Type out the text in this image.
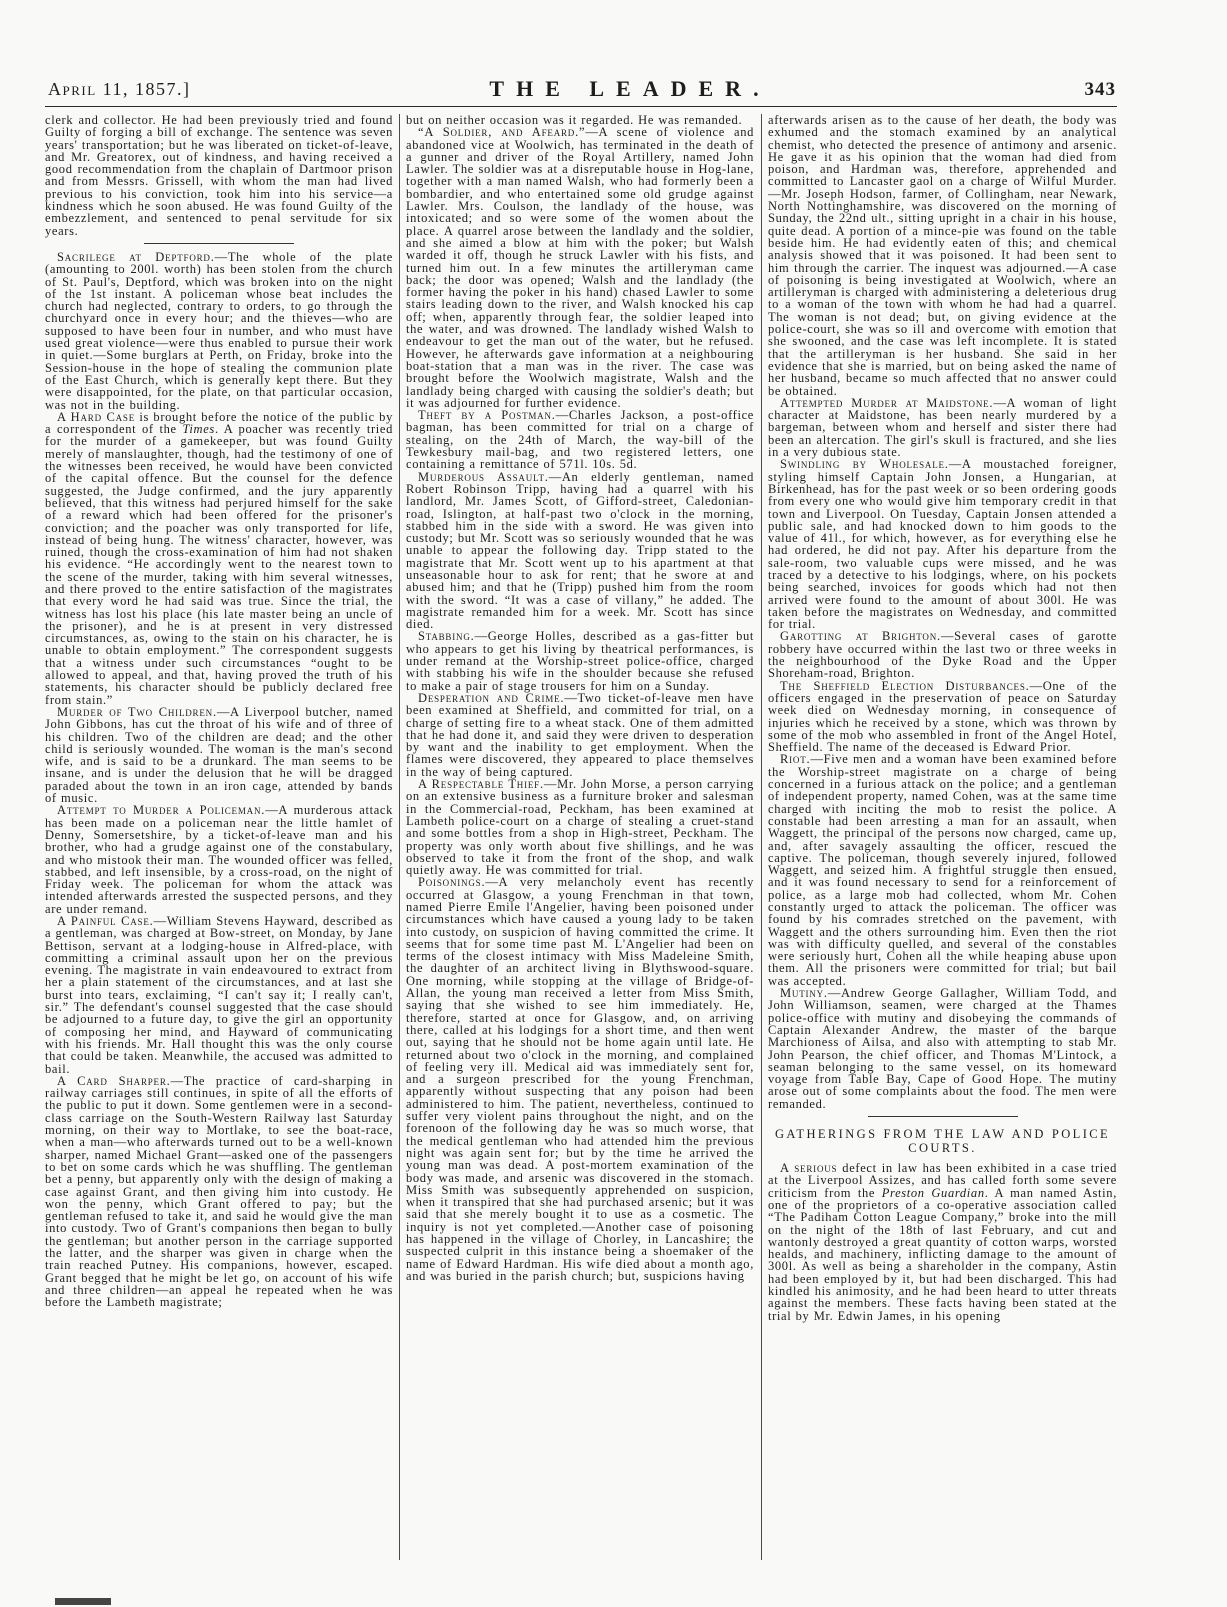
April 11, 1857.]	THE LEADER.	343

clerk and collector. He had been previously tried and found Guilty of forging a bill of exchange. The sentence was seven years' transportation; but he was liberated on ticket-of-leave, and Mr. Greatorex, out of kindness, and having received a good recommendation from the chaplain of Dartmoor prison and from Messrs. Grissell, with whom the man had lived previous to his conviction, took him into his service—a kindness which he soon abused. He was found Guilty of the embezzlement, and sentenced to penal servitude for six years.

Sacrilege at Deptford.—The whole of the plate (amounting to 200l. worth) has been stolen from the church of St. Paul's, Deptford, which was broken into on the night of the 1st instant. A policeman whose beat includes the church had neglected, contrary to orders, to go through the churchyard once in every hour; and the thieves—who are supposed to have been four in number, and who must have used great violence—were thus enabled to pursue their work in quiet.—Some burglars at Perth, on Friday, broke into the Session-house in the hope of stealing the communion plate of the East Church, which is generally kept there. But they were disappointed, for the plate, on that particular occasion, was not in the building.

A Hard Case is brought before the notice of the public by a correspondent of the Times. A poacher was recently tried for the murder of a gamekeeper, but was found Guilty merely of manslaughter, though, had the testimony of one of the witnesses been received, he would have been convicted of the capital offence. But the counsel for the defence suggested, the Judge confirmed, and the jury apparently believed, that this witness had perjured himself for the sake of a reward which had been offered for the prisoner's conviction; and the poacher was only transported for life, instead of being hung. The witness' character, however, was ruined, though the cross-examination of him had not shaken his evidence. “He accordingly went to the nearest town to the scene of the murder, taking with him several witnesses, and there proved to the entire satisfaction of the magistrates that every word he had said was true. Since the trial, the witness has lost his place (his late master being an uncle of the prisoner), and he is at present in very distressed circumstances, as, owing to the stain on his character, he is unable to obtain employment.” The correspondent suggests that a witness under such circumstances “ought to be allowed to appeal, and that, having proved the truth of his statements, his character should be publicly declared free from stain.”

Murder of Two Children.—A Liverpool butcher, named John Gibbons, has cut the throat of his wife and of three of his children. Two of the children are dead; and the other child is seriously wounded. The woman is the man's second wife, and is said to be a drunkard. The man seems to be insane, and is under the delusion that he will be dragged paraded about the town in an iron cage, attended by bands of music.

Attempt to Murder a Policeman.—A murderous attack has been made on a policeman near the little hamlet of Denny, Somersetshire, by a ticket-of-leave man and his brother, who had a grudge against one of the constabulary, and who mistook their man. The wounded officer was felled, stabbed, and left insensible, by a cross-road, on the night of Friday week. The policeman for whom the attack was intended afterwards arrested the suspected persons, and they are under remand.

A Painful Case.—William Stevens Hayward, described as a gentleman, was charged at Bow-street, on Monday, by Jane Bettison, servant at a lodging-house in Alfred-place, with committing a criminal assault upon her on the previous evening. The magistrate in vain endeavoured to extract from her a plain statement of the circumstances, and at last she burst into tears, exclaiming, “I can't say it; I really can't, sir.” The defendant's counsel suggested that the case should be adjourned to a future day, to give the girl an opportunity of composing her mind, and Hayward of communicating with his friends. Mr. Hall thought this was the only course that could be taken. Meanwhile, the accused was admitted to bail.

A Card Sharper.—The practice of card-sharping in railway carriages still continues, in spite of all the efforts of the public to put it down. Some gentlemen were in a second-class carriage on the South-Western Railway last Saturday morning, on their way to Mortlake, to see the boat-race, when a man—who afterwards turned out to be a well-known sharper, named Michael Grant—asked one of the passengers to bet on some cards which he was shuffling. The gentleman bet a penny, but apparently only with the design of making a case against Grant, and then giving him into custody. He won the penny, which Grant offered to pay; but the gentleman refused to take it, and said he would give the man into custody. Two of Grant's companions then began to bully the gentleman; but another person in the carriage supported the latter, and the sharper was given in charge when the train reached Putney. His companions, however, escaped. Grant begged that he might be let go, on account of his wife and three children—an appeal he repeated when he was before the Lambeth magistrate;

but on neither occasion was it regarded. He was remanded.

“A Soldier, and Afeard.”—A scene of violence and abandoned vice at Woolwich, has terminated in the death of a gunner and driver of the Royal Artillery, named John Lawler. The soldier was at a disreputable house in Hog-lane, together with a man named Walsh, who had formerly been a bombardier, and who entertained some old grudge against Lawler. Mrs. Coulson, the landlady of the house, was intoxicated; and so were some of the women about the place. A quarrel arose between the landlady and the soldier, and she aimed a blow at him with the poker; but Walsh warded it off, though he struck Lawler with his fists, and turned him out. In a few minutes the artilleryman came back; the door was opened; Walsh and the landlady (the former having the poker in his hand) chased Lawler to some stairs leading down to the river, and Walsh knocked his cap off; when, apparently through fear, the soldier leaped into the water, and was drowned. The landlady wished Walsh to endeavour to get the man out of the water, but he refused. However, he afterwards gave information at a neighbouring boat-station that a man was in the river. The case was brought before the Woolwich magistrate, Walsh and the landlady being charged with causing the soldier's death; but it was adjourned for further evidence.

Theft by a Postman.—Charles Jackson, a post-office bagman, has been committed for trial on a charge of stealing, on the 24th of March, the way-bill of the Tewkesbury mail-bag, and two registered letters, one containing a remittance of 571l. 10s. 5d.

Murderous Assault.—An elderly gentleman, named Robert Robinson Tripp, having had a quarrel with his landlord, Mr. James Scott, of Gifford-street, Caledonian-road, Islington, at half-past two o'clock in the morning, stabbed him in the side with a sword. He was given into custody; but Mr. Scott was so seriously wounded that he was unable to appear the following day. Tripp stated to the magistrate that Mr. Scott went up to his apartment at that unseasonable hour to ask for rent; that he swore at and abused him; and that he (Tripp) pushed him from the room with the sword. “It was a case of villany,” he added. The magistrate remanded him for a week. Mr. Scott has since died.

Stabbing.—George Holles, described as a gas-fitter but who appears to get his living by theatrical performances, is under remand at the Worship-street police-office, charged with stabbing his wife in the shoulder because she refused to make a pair of stage trousers for him on a Sunday.

Desperation and Crime.—Two ticket-of-leave men have been examined at Sheffield, and committed for trial, on a charge of setting fire to a wheat stack. One of them admitted that he had done it, and said they were driven to desperation by want and the inability to get employment. When the flames were discovered, they appeared to place themselves in the way of being captured.

A Respectable Thief.—Mr. John Morse, a person carrying on an extensive business as a furniture broker and salesman in the Commercial-road, Peckham, has been examined at Lambeth police-court on a charge of stealing a cruet-stand and some bottles from a shop in High-street, Peckham. The property was only worth about five shillings, and he was observed to take it from the front of the shop, and walk quietly away. He was committed for trial.

Poisonings.—A very melancholy event has recently occurred at Glasgow, a young Frenchman in that town, named Pierre Emile l'Angelier, having been poisoned under circumstances which have caused a young lady to be taken into custody, on suspicion of having committed the crime. It seems that for some time past M. L'Angelier had been on terms of the closest intimacy with Miss Madeleine Smith, the daughter of an architect living in Blythswood-square. One morning, while stopping at the village of Bridge-of-Allan, the young man received a letter from Miss Smith, saying that she wished to see him immediately. He, therefore, started at once for Glasgow, and, on arriving there, called at his lodgings for a short time, and then went out, saying that he should not be home again until late. He returned about two o'clock in the morning, and complained of feeling very ill. Medical aid was immediately sent for, and a surgeon prescribed for the young Frenchman, apparently without suspecting that any poison had been administered to him. The patient, nevertheless, continued to suffer very violent pains throughout the night, and on the forenoon of the following day he was so much worse, that the medical gentleman who had attended him the previous night was again sent for; but by the time he arrived the young man was dead. A post-mortem examination of the body was made, and arsenic was discovered in the stomach. Miss Smith was subsequently apprehended on suspicion, when it transpired that she had purchased arsenic; but it was said that she merely bought it to use as a cosmetic. The inquiry is not yet completed.—Another case of poisoning has happened in the village of Chorley, in Lancashire; the suspected culprit in this instance being a shoemaker of the name of Edward Hardman. His wife died about a month ago, and was buried in the parish church; but, suspicions having

afterwards arisen as to the cause of her death, the body was exhumed and the stomach examined by an analytical chemist, who detected the presence of antimony and arsenic. He gave it as his opinion that the woman had died from poison, and Hardman was, therefore, apprehended and committed to Lancaster gaol on a charge of Wilful Murder.—Mr. Joseph Hodson, farmer, of Collingham, near Newark, North Nottinghamshire, was discovered on the morning of Sunday, the 22nd ult., sitting upright in a chair in his house, quite dead. A portion of a mince-pie was found on the table beside him. He had evidently eaten of this; and chemical analysis showed that it was poisoned. It had been sent to him through the carrier. The inquest was adjourned.—A case of poisoning is being investigated at Woolwich, where an artilleryman is charged with administering a deleterious drug to a woman of the town with whom he had had a quarrel. The woman is not dead; but, on giving evidence at the police-court, she was so ill and overcome with emotion that she swooned, and the case was left incomplete. It is stated that the artilleryman is her husband. She said in her evidence that she is married, but on being asked the name of her husband, became so much affected that no answer could be obtained.

Attempted Murder at Maidstone.—A woman of light character at Maidstone, has been nearly murdered by a bargeman, between whom and herself and sister there had been an altercation. The girl's skull is fractured, and she lies in a very dubious state.

Swindling by Wholesale.—A moustached foreigner, styling himself Captain John Jonsen, a Hungarian, at Birkenhead, has for the past week or so been ordering goods from every one who would give him temporary credit in that town and Liverpool. On Tuesday, Captain Jonsen attended a public sale, and had knocked down to him goods to the value of 41l., for which, however, as for everything else he had ordered, he did not pay. After his departure from the sale-room, two valuable cups were missed, and he was traced by a detective to his lodgings, where, on his pockets being searched, invoices for goods which had not then arrived were found to the amount of about 300l. He was taken before the magistrates on Wednesday, and committed for trial.

Garotting at Brighton.—Several cases of garotte robbery have occurred within the last two or three weeks in the neighbourhood of the Dyke Road and the Upper Shoreham-road, Brighton.

The Sheffield Election Disturbances.—One of the officers engaged in the preservation of peace on Saturday week died on Wednesday morning, in consequence of injuries which he received by a stone, which was thrown by some of the mob who assembled in front of the Angel Hotel, Sheffield. The name of the deceased is Edward Prior.

Riot.—Five men and a woman have been examined before the Worship-street magistrate on a charge of being concerned in a furious attack on the police; and a gentleman of independent property, named Cohen, was at the same time charged with inciting the mob to resist the police. A constable had been arresting a man for an assault, when Waggett, the principal of the persons now charged, came up, and, after savagely assaulting the officer, rescued the captive. The policeman, though severely injured, followed Waggett, and seized him. A frightful struggle then ensued, and it was found necessary to send for a reinforcement of police, as a large mob had collected, whom Mr. Cohen constantly urged to attack the policeman. The officer was found by his comrades stretched on the pavement, with Waggett and the others surrounding him. Even then the riot was with difficulty quelled, and several of the constables were seriously hurt, Cohen all the while heaping abuse upon them. All the prisoners were committed for trial; but bail was accepted.

Mutiny.—Andrew George Gallagher, William Todd, and John Williamson, seamen, were charged at the Thames police-office with mutiny and disobeying the commands of Captain Alexander Andrew, the master of the barque Marchioness of Ailsa, and also with attempting to stab Mr. John Pearson, the chief officer, and Thomas M'Lintock, a seaman belonging to the same vessel, on its homeward voyage from Table Bay, Cape of Good Hope. The mutiny arose out of some complaints about the food. The men were remanded.

GATHERINGS FROM THE LAW AND POLICE COURTS.

A serious defect in law has been exhibited in a case tried at the Liverpool Assizes, and has called forth some severe criticism from the Preston Guardian. A man named Astin, one of the proprietors of a co-operative association called “The Padiham Cotton League Company,” broke into the mill on the night of the 18th of last February, and cut and wantonly destroyed a great quantity of cotton warps, worsted healds, and machinery, inflicting damage to the amount of 300l. As well as being a shareholder in the company, Astin had been employed by it, but had been discharged. This had kindled his animosity, and he had been heard to utter threats against the members. These facts having been stated at the trial by Mr. Edwin James, in his opening
